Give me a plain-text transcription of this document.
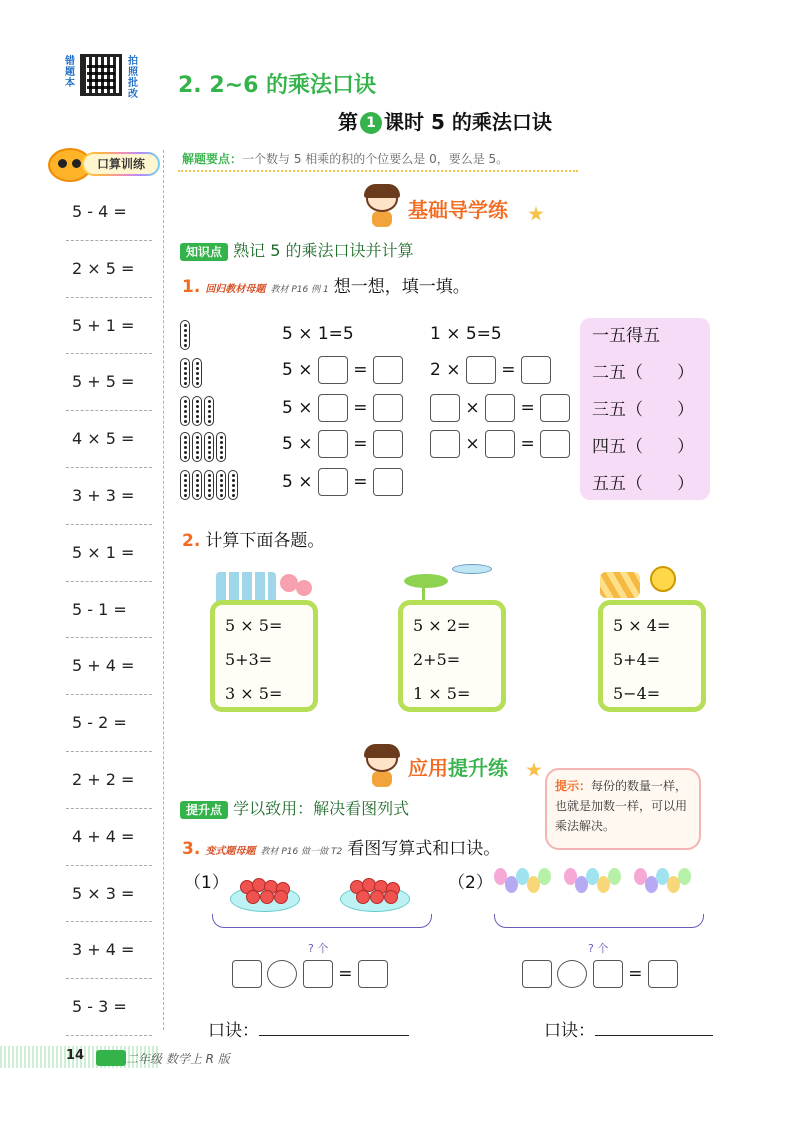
错题本
拍照批改 2. 2~6 的乘法口诀
第 1 课时 5 的乘法口诀
口算训练
5 - 4 =
2 × 5 =
5 + 1 =
5 + 5 =
4 × 5 =
3 + 3 =
5 × 1 =
5 - 1 =
5 + 4 =
5 - 2 =
2 + 2 =
4 + 4 =
5 × 3 =
3 + 4 =
5 - 3 =
解题要点：一个数与 5 相乘的积的个位要么是 0，要么是 5。
基础导学练
知识点 熟记 5 的乘法口诀并计算
1. 回归教材母题 教材 P16 例 1 想一想，填一填。
5 × 1=5	1 × 5=5
5 × =	2 × =
5 × =	× =
5 × =	× =
5 × =
一五得五
二五（　　）
三五（　　）
四五（　　）
五五（　　）
2. 计算下面各题。
5 × 5=
5+3=
3 × 5=
5 × 2=
2+5=
1 × 5=
5 × 4=
5+4=
5−4=
应用提升练
提示：每份的数量一样，也就是加数一样，可以用乘法解决。
提升点 学以致用：解决看图列式
3. 变式题母题 教材 P16 做一做 T2 看图写算式和口诀。
（1）	（2）
? 个	? 个
=	=
口诀：	口诀：
14	二年级 数学上 R 版
